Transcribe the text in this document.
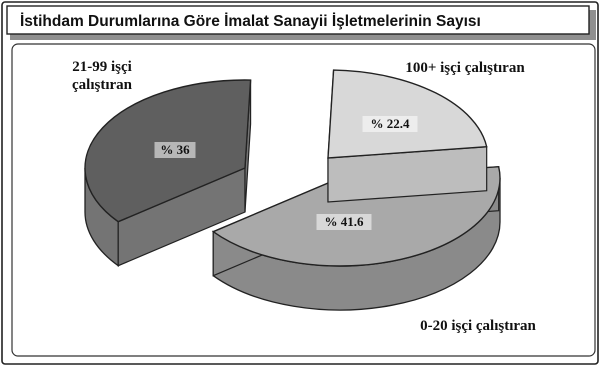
İstihdam Durumlarına Göre İmalat Sanayii İşletmelerinin Sayısı
% 22.4
% 41.6
% 36
100+ işçi çalıştıran
0-20 işçi çalıştıran
21-99 işçi
çalıştıran
